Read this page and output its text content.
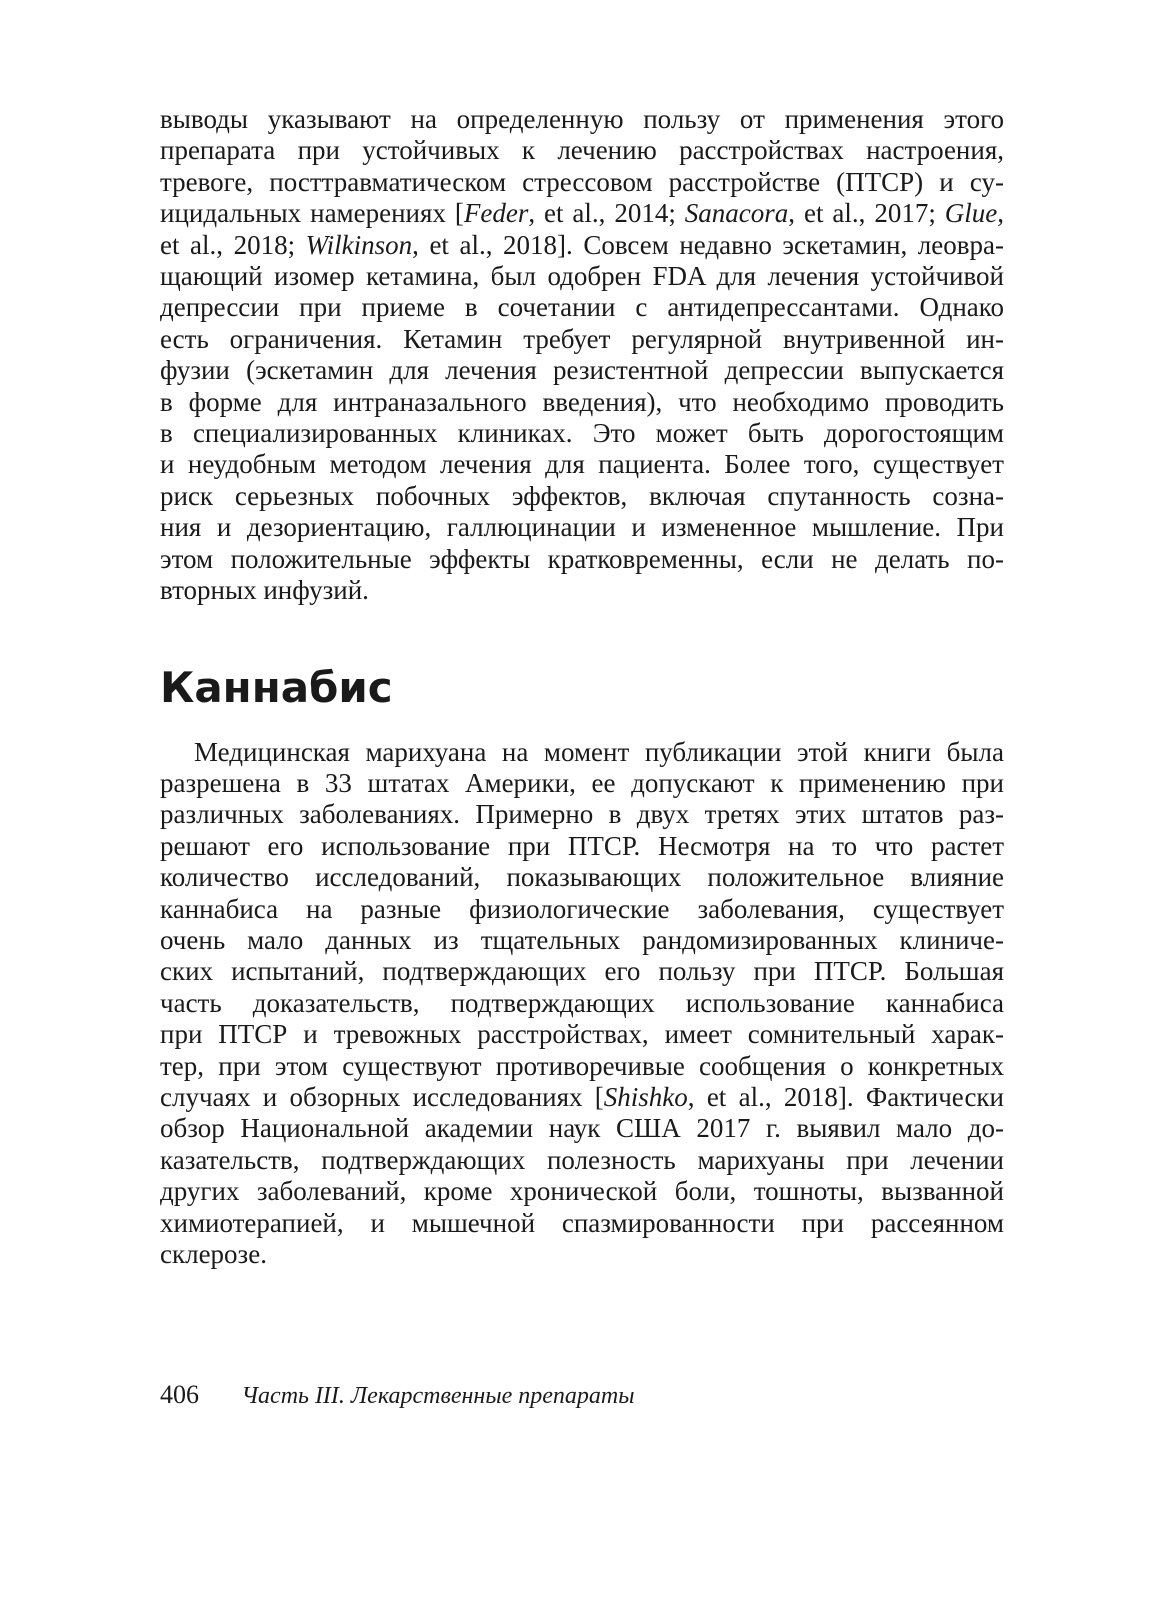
выводы указывают на определенную пользу от применения этого
препарата при устойчивых к лечению расстройствах настроения,
тревоге, посттравматическом стрессовом расстройстве (ПТСР) и су-
ицидальных намерениях [Feder, et al., 2014; Sanacora, et al., 2017; Glue,
et al., 2018; Wilkinson, et al., 2018]. Совсем недавно эскетамин, леовра-
щающий изомер кетамина, был одобрен FDA для лечения устойчивой
депрессии при приеме в сочетании с антидепрессантами. Однако
есть ограничения. Кетамин требует регулярной внутривенной ин-
фузии (эскетамин для лечения резистентной депрессии выпускается
в форме для интраназального введения), что необходимо проводить
в специализированных клиниках. Это может быть дорогостоящим
и неудобным методом лечения для пациента. Более того, существует
риск серьезных побочных эффектов, включая спутанность созна-
ния и дезориентацию, галлюцинации и измененное мышление. При
этом положительные эффекты кратковременны, если не делать по-
вторных инфузий.

Каннабис

Медицинская марихуана на момент публикации этой книги была
разрешена в 33 штатах Америки, ее допускают к применению при
различных заболеваниях. Примерно в двух третях этих штатов раз-
решают его использование при ПТСР. Несмотря на то что растет
количество исследований, показывающих положительное влияние
каннабиса на разные физиологические заболевания, существует
очень мало данных из тщательных рандомизированных клиниче-
ских испытаний, подтверждающих его пользу при ПТСР. Большая
часть доказательств, подтверждающих использование каннабиса
при ПТСР и тревожных расстройствах, имеет сомнительный харак-
тер, при этом существуют противоречивые сообщения о конкретных
случаях и обзорных исследованиях [Shishko, et al., 2018]. Фактически
обзор Национальной академии наук США 2017 г. выявил мало до-
казательств, подтверждающих полезность марихуаны при лечении
других заболеваний, кроме хронической боли, тошноты, вызванной
химиотерапией, и мышечной спазмированности при рассеянном
склерозе.

406 Часть III. Лекарственные препараты
